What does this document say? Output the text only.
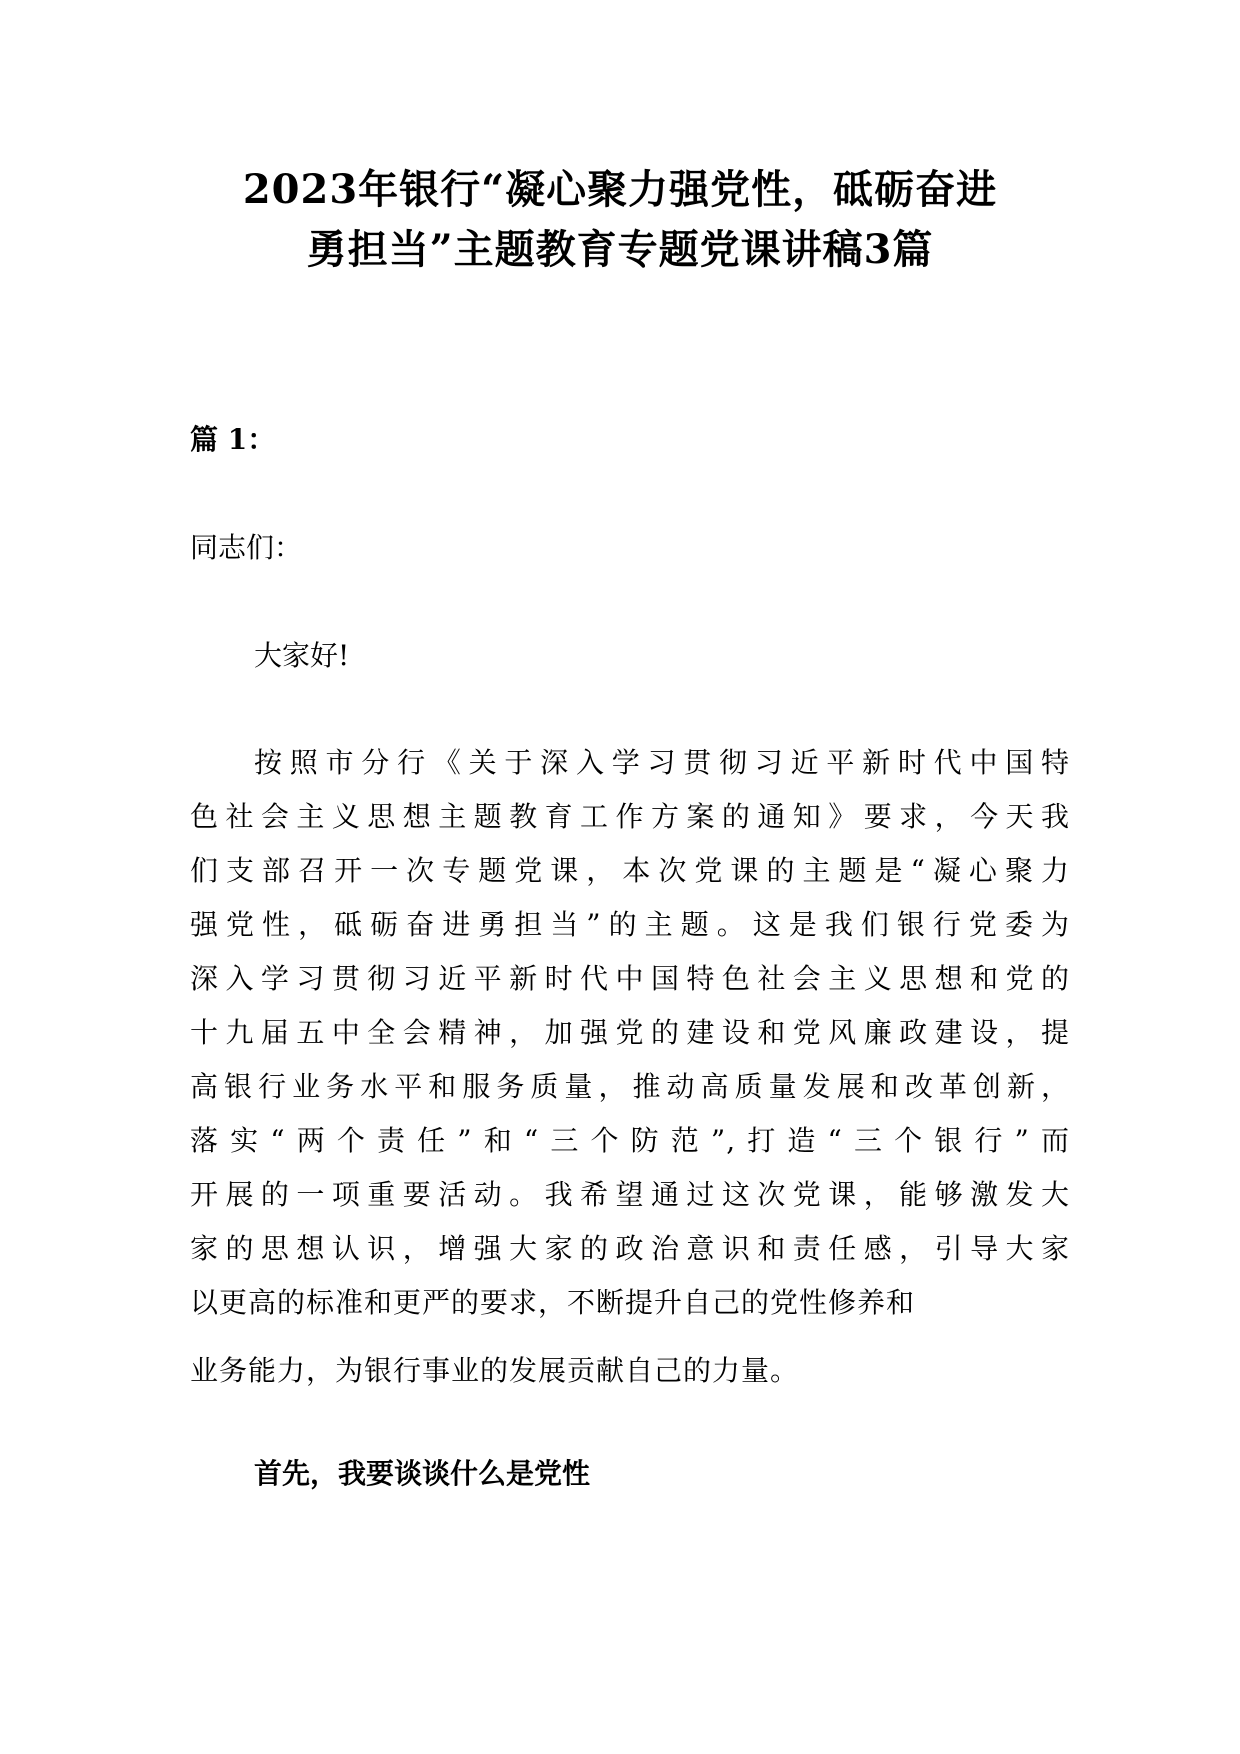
2023年银行“凝心聚力强党性，砥砺奋进
勇担当”主题教育专题党课讲稿3篇
篇 1：
同志们：
大家好!
按照市分行《关于深入学习贯彻习近平新时代中国特
色社会主义思想主题教育工作方案的通知》要求，今天我
们支部召开一次专题党课，本次党课的主题是“凝心聚力
强党性，砥砺奋进勇担当”的主题。这是我们银行党委为
深入学习贯彻习近平新时代中国特色社会主义思想和党的
十九届五中全会精神，加强党的建设和党风廉政建设，提
高银行业务水平和服务质量，推动高质量发展和改革创新，
落实“两个责任”和“三个防范”,打造“三个银行”而
开展的一项重要活动。我希望通过这次党课，能够激发大
家的思想认识，增强大家的政治意识和责任感，引导大家
以更高的标准和更严的要求，不断提升自己的党性修养和
业务能力，为银行事业的发展贡献自己的力量。
首先，我要谈谈什么是党性
